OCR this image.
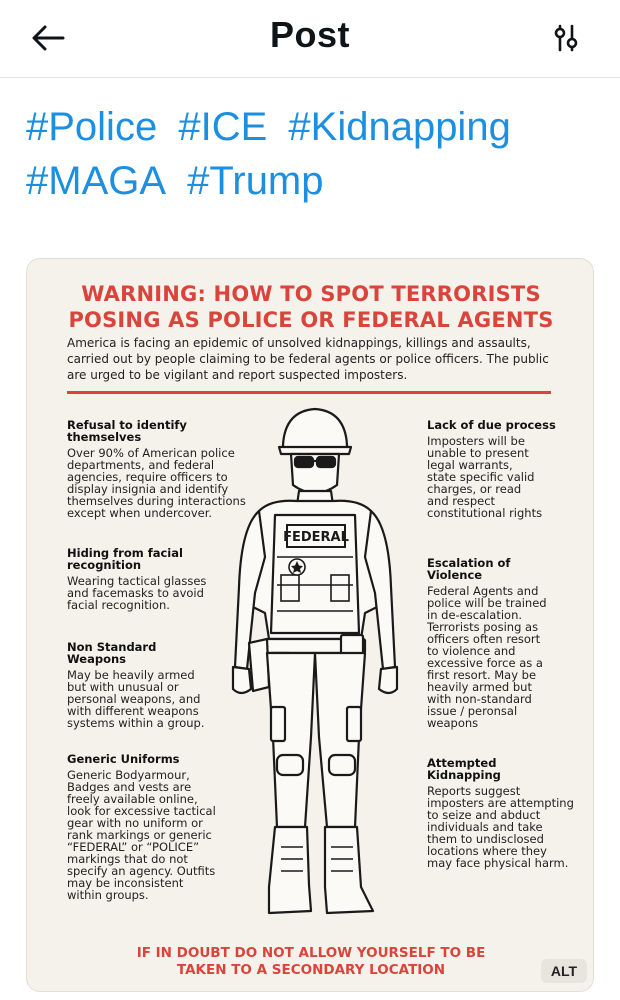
Post
#Police #ICE #Kidnapping
#MAGA #Trump
WARNING: HOW TO SPOT TERRORISTS
POSING AS POLICE OR FEDERAL AGENTS
America is facing an epidemic of unsolved kidnappings, killings and assaults, carried out by people claiming to be federal agents or police officers. The public are urged to be vigilant and report suspected imposters.
Refusal to identify themselves
Over 90% of American police departments, and federal agencies, require officers to display insignia and identify themselves during interactions except when undercover.
Hiding from facial recognition
Wearing tactical glasses and facemasks to avoid facial recognition.
Non Standard Weapons
May be heavily armed but with unusual or personal weapons, and with different weapons systems within a group.
Generic Uniforms
Generic Bodyarmour, Badges and vests are freely available online, look for excessive tactical gear with no uniform or rank markings or generic “FEDERAL” or “POLICE” markings that do not specify an agency. Outfits may be inconsistent within groups.
Lack of due process
Imposters will be unable to present legal warrants, state specific valid charges, or read and respect constitutional rights
Escalation of Violence
Federal Agents and police will be trained in de-escalation. Terrorists posing as officers often resort to violence and excessive force as a first resort. May be heavily armed but with non-standard issue / peronsal weapons
Attempted Kidnapping
Reports suggest imposters are attempting to seize and abduct individuals and take them to undisclosed locations where they may face physical harm.
FEDERAL
IF IN DOUBT DO NOT ALLOW YOURSELF TO BE
TAKEN TO A SECONDARY LOCATION	ALT
